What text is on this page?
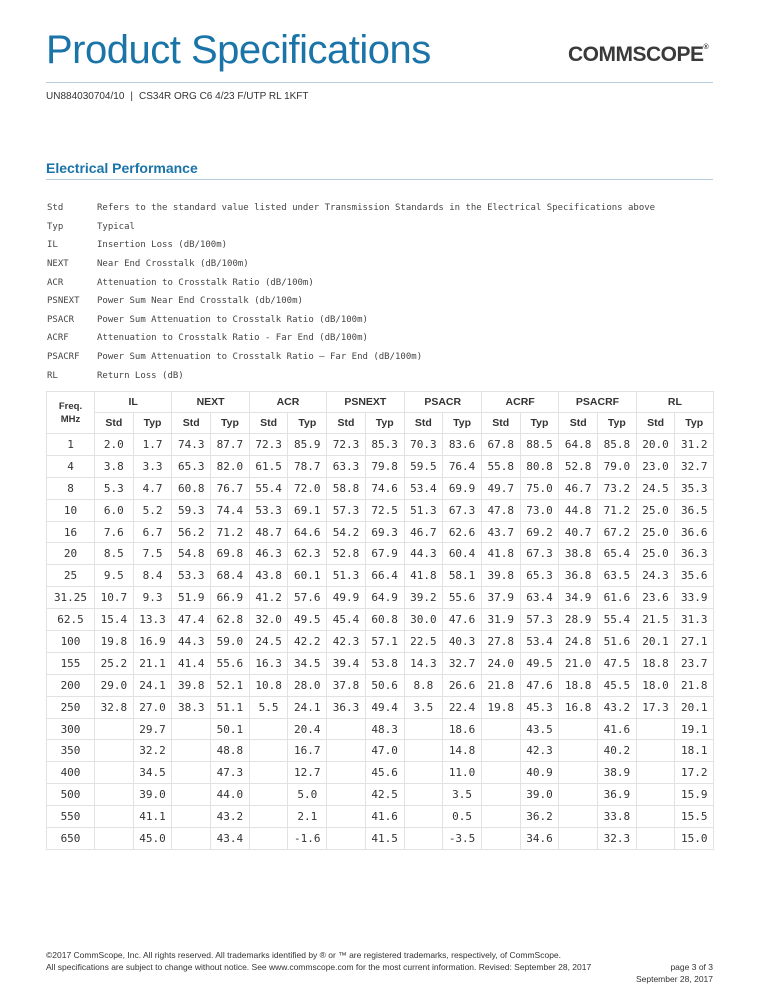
Product Specifications	COMMSCOPE®
UN884030704/10 | CS34R ORG C6 4/23 F/UTP RL 1KFT
Electrical Performance
Std	Refers to the standard value listed under Transmission Standards in the Electrical Specifications above
Typ	Typical
IL	Insertion Loss (dB/100m)
NEXT	Near End Crosstalk (dB/100m)
ACR	Attenuation to Crosstalk Ratio (dB/100m)
PSNEXT	Power Sum Near End Crosstalk (db/100m)
PSACR	Power Sum Attenuation to Crosstalk Ratio (dB/100m)
ACRF	Attenuation to Crosstalk Ratio - Far End (dB/100m)
PSACRF	Power Sum Attenuation to Crosstalk Ratio – Far End (dB/100m)
RL	Return Loss (dB)
Freq.
MHz	IL		NEXT		ACR		PSNEXT		PSACR		ACRF		PSACRF		RL	
	Std	Typ	Std	Typ	Std	Typ	Std	Typ	Std	Typ	Std	Typ	Std	Typ	Std	Typ
1	2.0	1.7	74.3	87.7	72.3	85.9	72.3	85.3	70.3	83.6	67.8	88.5	64.8	85.8	20.0	31.2
4	3.8	3.3	65.3	82.0	61.5	78.7	63.3	79.8	59.5	76.4	55.8	80.8	52.8	79.0	23.0	32.7
8	5.3	4.7	60.8	76.7	55.4	72.0	58.8	74.6	53.4	69.9	49.7	75.0	46.7	73.2	24.5	35.3
10	6.0	5.2	59.3	74.4	53.3	69.1	57.3	72.5	51.3	67.3	47.8	73.0	44.8	71.2	25.0	36.5
16	7.6	6.7	56.2	71.2	48.7	64.6	54.2	69.3	46.7	62.6	43.7	69.2	40.7	67.2	25.0	36.6
20	8.5	7.5	54.8	69.8	46.3	62.3	52.8	67.9	44.3	60.4	41.8	67.3	38.8	65.4	25.0	36.3
25	9.5	8.4	53.3	68.4	43.8	60.1	51.3	66.4	41.8	58.1	39.8	65.3	36.8	63.5	24.3	35.6
31.25	10.7	9.3	51.9	66.9	41.2	57.6	49.9	64.9	39.2	55.6	37.9	63.4	34.9	61.6	23.6	33.9
62.5	15.4	13.3	47.4	62.8	32.0	49.5	45.4	60.8	30.0	47.6	31.9	57.3	28.9	55.4	21.5	31.3
100	19.8	16.9	44.3	59.0	24.5	42.2	42.3	57.1	22.5	40.3	27.8	53.4	24.8	51.6	20.1	27.1
155	25.2	21.1	41.4	55.6	16.3	34.5	39.4	53.8	14.3	32.7	24.0	49.5	21.0	47.5	18.8	23.7
200	29.0	24.1	39.8	52.1	10.8	28.0	37.8	50.6	8.8	26.6	21.8	47.6	18.8	45.5	18.0	21.8
250	32.8	27.0	38.3	51.1	5.5	24.1	36.3	49.4	3.5	22.4	19.8	45.3	16.8	43.2	17.3	20.1
300		29.7		50.1		20.4		48.3		18.6		43.5		41.6		19.1
350		32.2		48.8		16.7		47.0		14.8		42.3		40.2		18.1
400		34.5		47.3		12.7		45.6		11.0		40.9		38.9		17.2
500		39.0		44.0		5.0		42.5		3.5		39.0		36.9		15.9
550		41.1		43.2		2.1		41.6		0.5		36.2		33.8		15.5
650		45.0		43.4		-1.6		41.5		-3.5		34.6		32.3		15.0
©2017 CommScope, Inc. All rights reserved. All trademarks identified by ® or ™ are registered trademarks, respectively, of CommScope.
All specifications are subject to change without notice. See www.commscope.com for the most current information. Revised: September 28, 2017	page 3 of 3
September 28, 2017
